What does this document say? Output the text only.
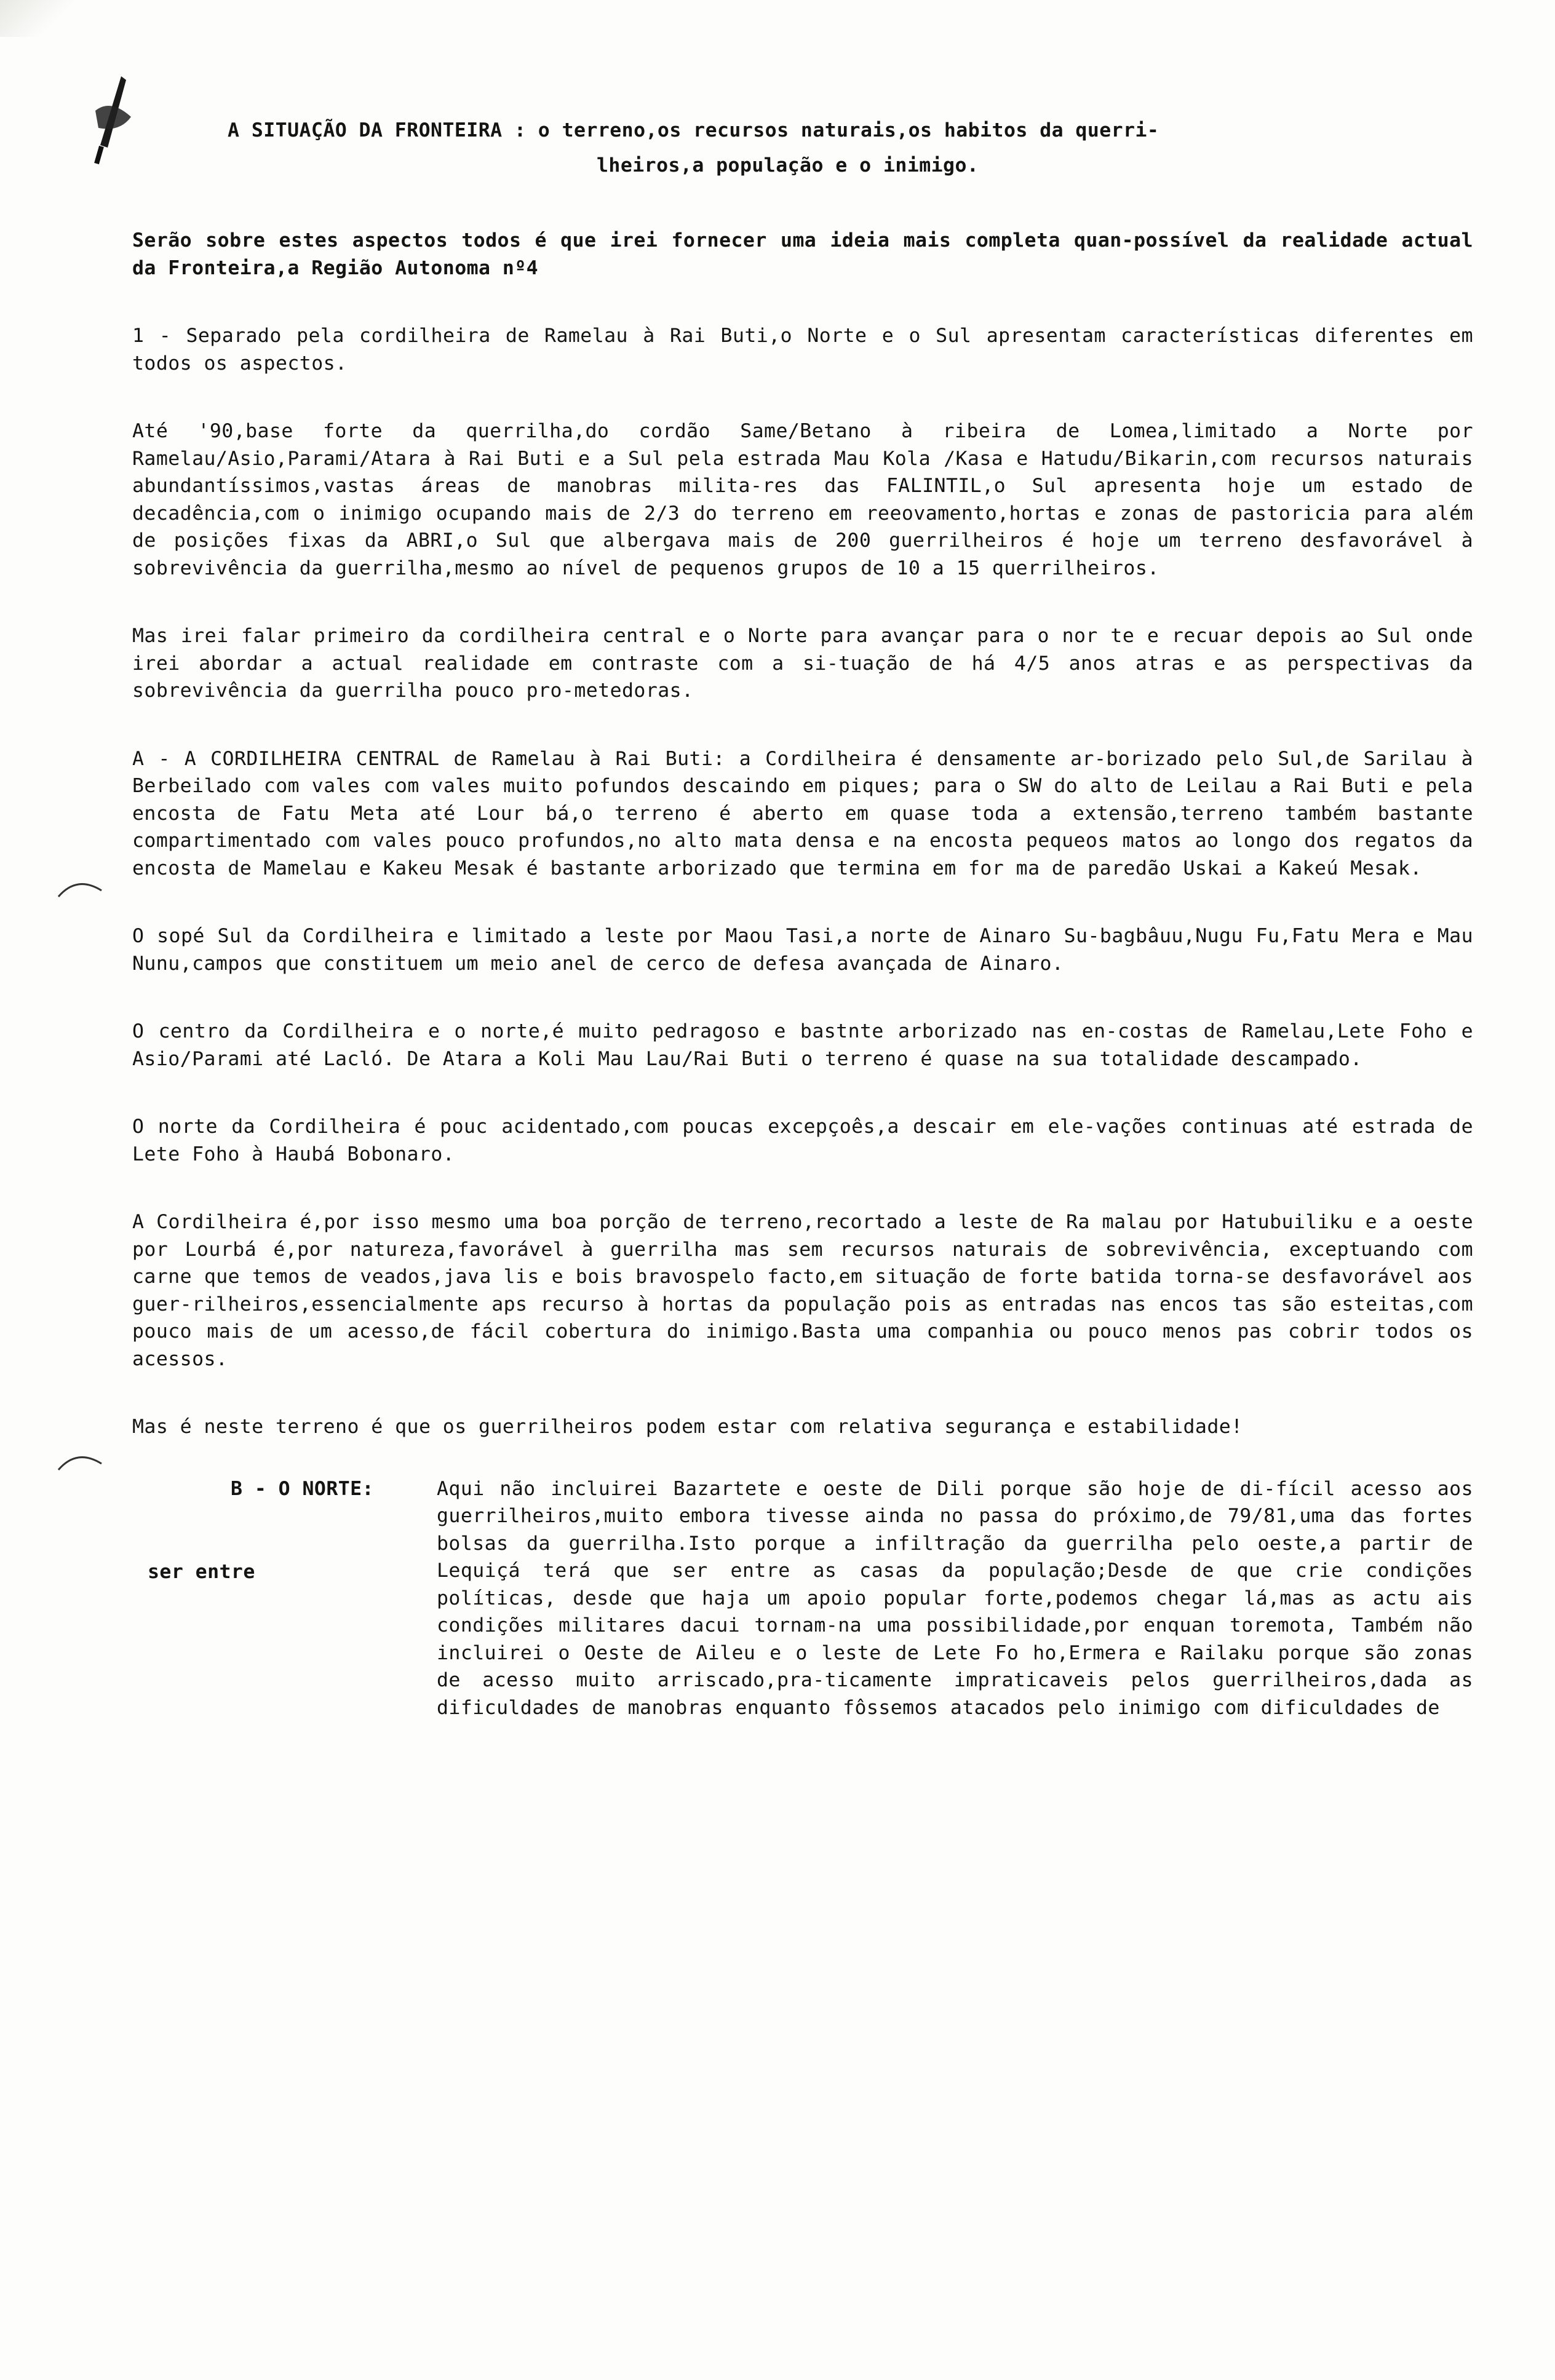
A SITUAÇÃO DA FRONTEIRA : o terreno,os recursos naturais,os habitos da querri-
lheiros,a população e o inimigo.

Serão sobre estes aspectos todos é que irei fornecer uma ideia mais completa quan-possível da realidade actual da Fronteira,a Região Autonoma nº4

1 - Separado pela cordilheira de Ramelau à Rai Buti,o Norte e o Sul apresentam características diferentes em todos os aspectos.

Até '90,base forte da querrilha,do cordão Same/Betano à ribeira de Lomea,limitado a Norte por Ramelau/Asio,Parami/Atara à Rai Buti e a Sul pela estrada Mau Kola /Kasa e Hatudu/Bikarin,com recursos naturais abundantíssimos,vastas áreas de manobras milita-res das FALINTIL,o Sul apresenta hoje um estado de decadência,com o inimigo ocupando mais de 2/3 do terreno em reeovamento,hortas e zonas de pastoricia para além de posições fixas da ABRI,o Sul que albergava mais de 200 guerrilheiros é hoje um terreno desfavorável à sobrevivência da guerrilha,mesmo ao nível de pequenos grupos de 10 a 15 querrilheiros.

Mas irei falar primeiro da cordilheira central e o Norte para avançar para o nor te e recuar depois ao Sul onde irei abordar a actual realidade em contraste com a si-tuação de há 4/5 anos atras e as perspectivas da sobrevivência da guerrilha pouco pro-metedoras.

A - A CORDILHEIRA CENTRAL de Ramelau à Rai Buti: a Cordilheira é densamente ar-borizado pelo Sul,de Sarilau à Berbeilado com vales com vales muito pofundos descaindo em piques; para o SW do alto de Leilau a Rai Buti e pela encosta de Fatu Meta até Lour bá,o terreno é aberto em quase toda a extensão,terreno também bastante compartimentado com vales pouco profundos,no alto mata densa e na encosta pequeos matos ao longo dos regatos da encosta de Mamelau e Kakeu Mesak é bastante arborizado que termina em for ma de paredão Uskai a Kakeú Mesak.

O sopé Sul da Cordilheira e limitado a leste por Maou Tasi,a norte de Ainaro Su-bagbâuu,Nugu Fu,Fatu Mera e Mau Nunu,campos que constituem um meio anel de cerco de defesa avançada de Ainaro.

O centro da Cordilheira e o norte,é muito pedragoso e bastnte arborizado nas en-costas de Ramelau,Lete Foho e Asio/Parami até Lacló. De Atara a Koli Mau Lau/Rai Buti o terreno é quase na sua totalidade descampado.

O norte da Cordilheira é pouc acidentado,com poucas excepçoês,a descair em ele-vações continuas até estrada de Lete Foho à Haubá Bobonaro.

A Cordilheira é,por isso mesmo uma boa porção de terreno,recortado a leste de Ra malau por Hatubuiliku e a oeste por Lourbá é,por natureza,favorável à guerrilha mas sem recursos naturais de sobrevivência, exceptuando com carne que temos de veados,java lis e bois bravospelo facto,em situação de forte batida torna-se desfavorável aos guer-rilheiros,essencialmente aps recurso à hortas da população pois as entradas nas encos tas são esteitas,com pouco mais de um acesso,de fácil cobertura do inimigo.Basta uma companhia ou pouco menos pas cobrir todos os acessos.

Mas é neste terreno é que os guerrilheiros podem estar com relativa segurança e estabilidade!

B - O NORTE:
ser entre
Aqui não incluirei Bazartete e oeste de Dili porque são hoje de di-fícil acesso aos guerrilheiros,muito embora tivesse ainda no passa do próximo,de 79/81,uma das fortes bolsas da guerrilha.Isto porque a infiltração da guerrilha pelo oeste,a partir de Lequiçá terá que ser entre as casas da população;Desde de que crie condições políticas, desde que haja um apoio popular forte,podemos chegar lá,mas as actu ais condições militares dacui tornam-na uma possibilidade,por enquan toremota, Também não incluirei o Oeste de Aileu e o leste de Lete Fo ho,Ermera e Railaku porque são zonas de acesso muito arriscado,pra-ticamente impraticaveis pelos guerrilheiros,dada as dificuldades de manobras enquanto fôssemos atacados pelo inimigo com dificuldades de
